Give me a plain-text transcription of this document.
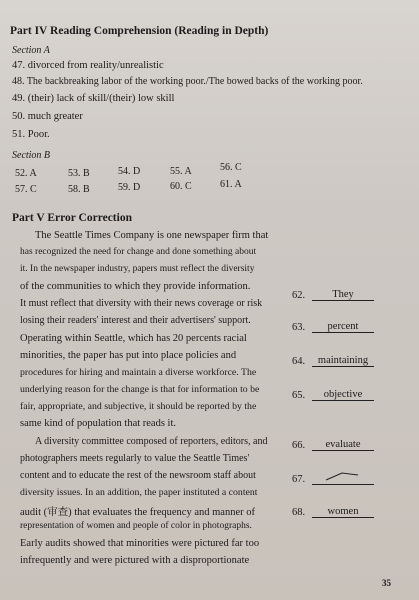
Part IV Reading Comprehension (Reading in Depth)
Section A
47. divorced from reality/unrealistic
48. The backbreaking labor of the working poor./The bowed backs of the working poor.
49. (their) lack of skill/(their) low skill
50. much greater
51. Poor.
Section B
52. A	53. B	54. D	55. A	56. C
57. C	58. B	59. D	60. C	61. A
Part V Error Correction
The Seattle Times Company is one newspaper firm that
has recognized the need for change and done something about
it. In the newspaper industry, papers must reflect the diversity
of the communities to which they provide information.
It must reflect that diversity with their news coverage or risk
losing their readers' interest and their advertisers' support.
Operating within Seattle, which has 20 percents racial
minorities, the paper has put into place policies and
procedures for hiring and maintain a diverse workforce. The
underlying reason for the change is that for information to be
fair, appropriate, and subjective, it should be reported by the
same kind of population that reads it.
A diversity committee composed of reporters, editors, and
photographers meets regularly to value the Seattle Times'
content and to educate the rest of the newsroom staff about
diversity issues. In an addition, the paper instituted a content
audit (审查) that evaluates the frequency and manner of
representation of women and people of color in photographs.
Early audits showed that minorities were pictured far too
infrequently and were pictured with a disproportionate
62.	They
63.	percent
64.	maintaining
65.	objective
66.	evaluate
67.
68.	women
35
